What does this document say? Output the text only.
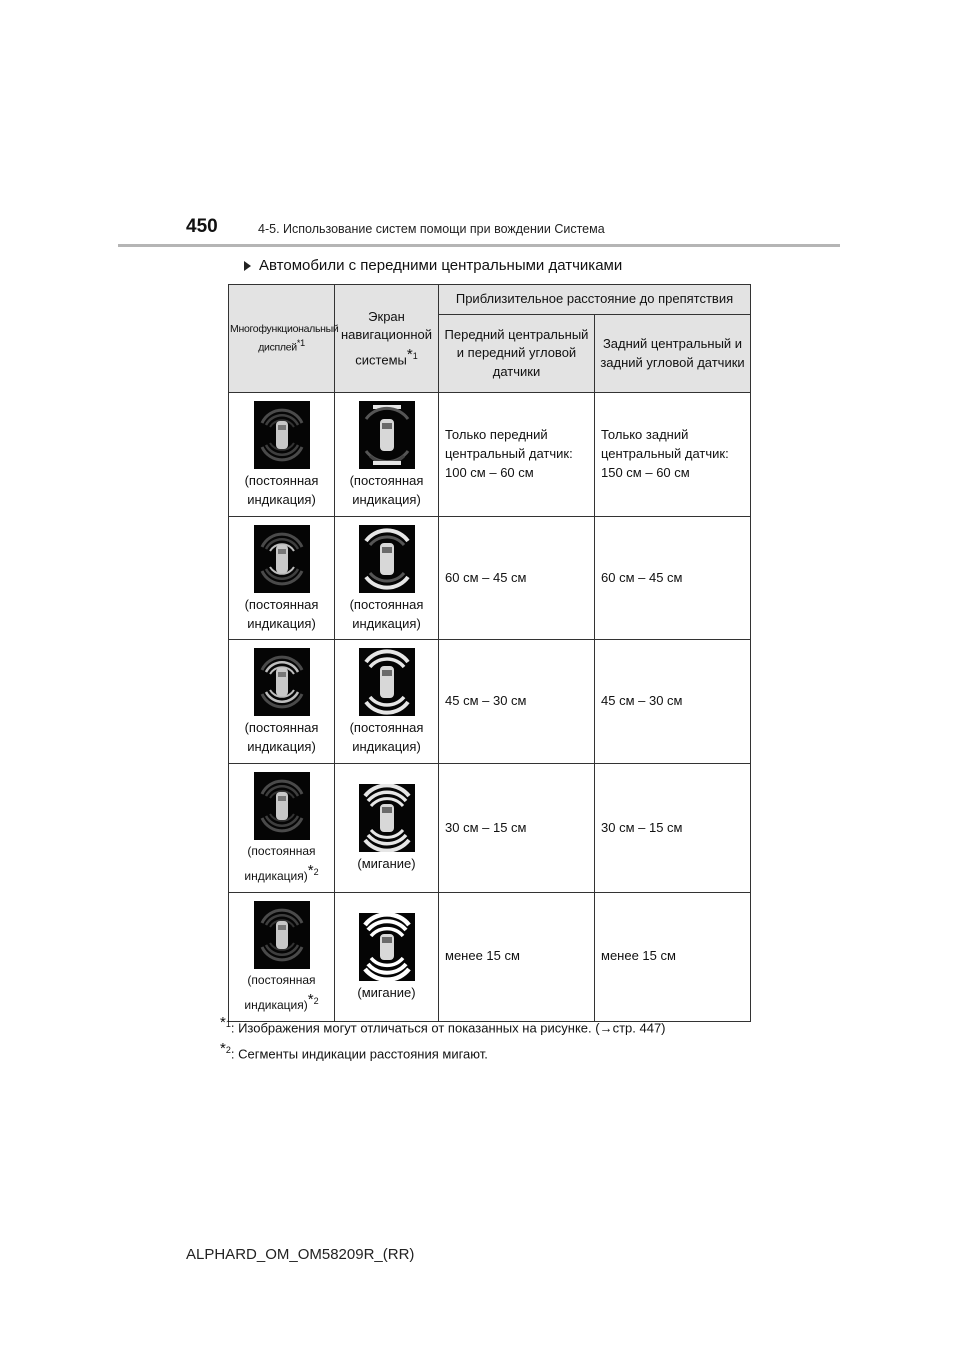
450	4-5. Использование систем помощи при вождении Система
Автомобили с передними центральными датчиками
Многофункциональный дисплей$^{*1}$	Экран навигационной системы$^{*1}$	Приблизительное расстояние до препятствия	
		Передний центральный и передний угловой датчики	Задний центральный и задний угловой датчики

(постоянная индикация)	(постоянная индикация)	Только передний центральный датчик: 100 см – 60 см	Только задний центральный датчик: 150 см – 60 см

(постоянная индикация)	(постоянная индикация)	60 см – 45 см	60 см – 45 см

(постоянная индикация)	(постоянная индикация)	45 см – 30 см	45 см – 30 см

(постоянная индикация)$^{*2}$	(мигание)	30 см – 15 см	30 см – 15 см

(постоянная индикация)$^{*2}$	(мигание)	менее 15 см	менее 15 см
$^{*1}$: Изображения могут отличаться от показанных на рисунке. (→стр. 447)
$^{*2}$: Сегменты индикации расстояния мигают.
ALPHARD_OM_OM58209R_(RR)
